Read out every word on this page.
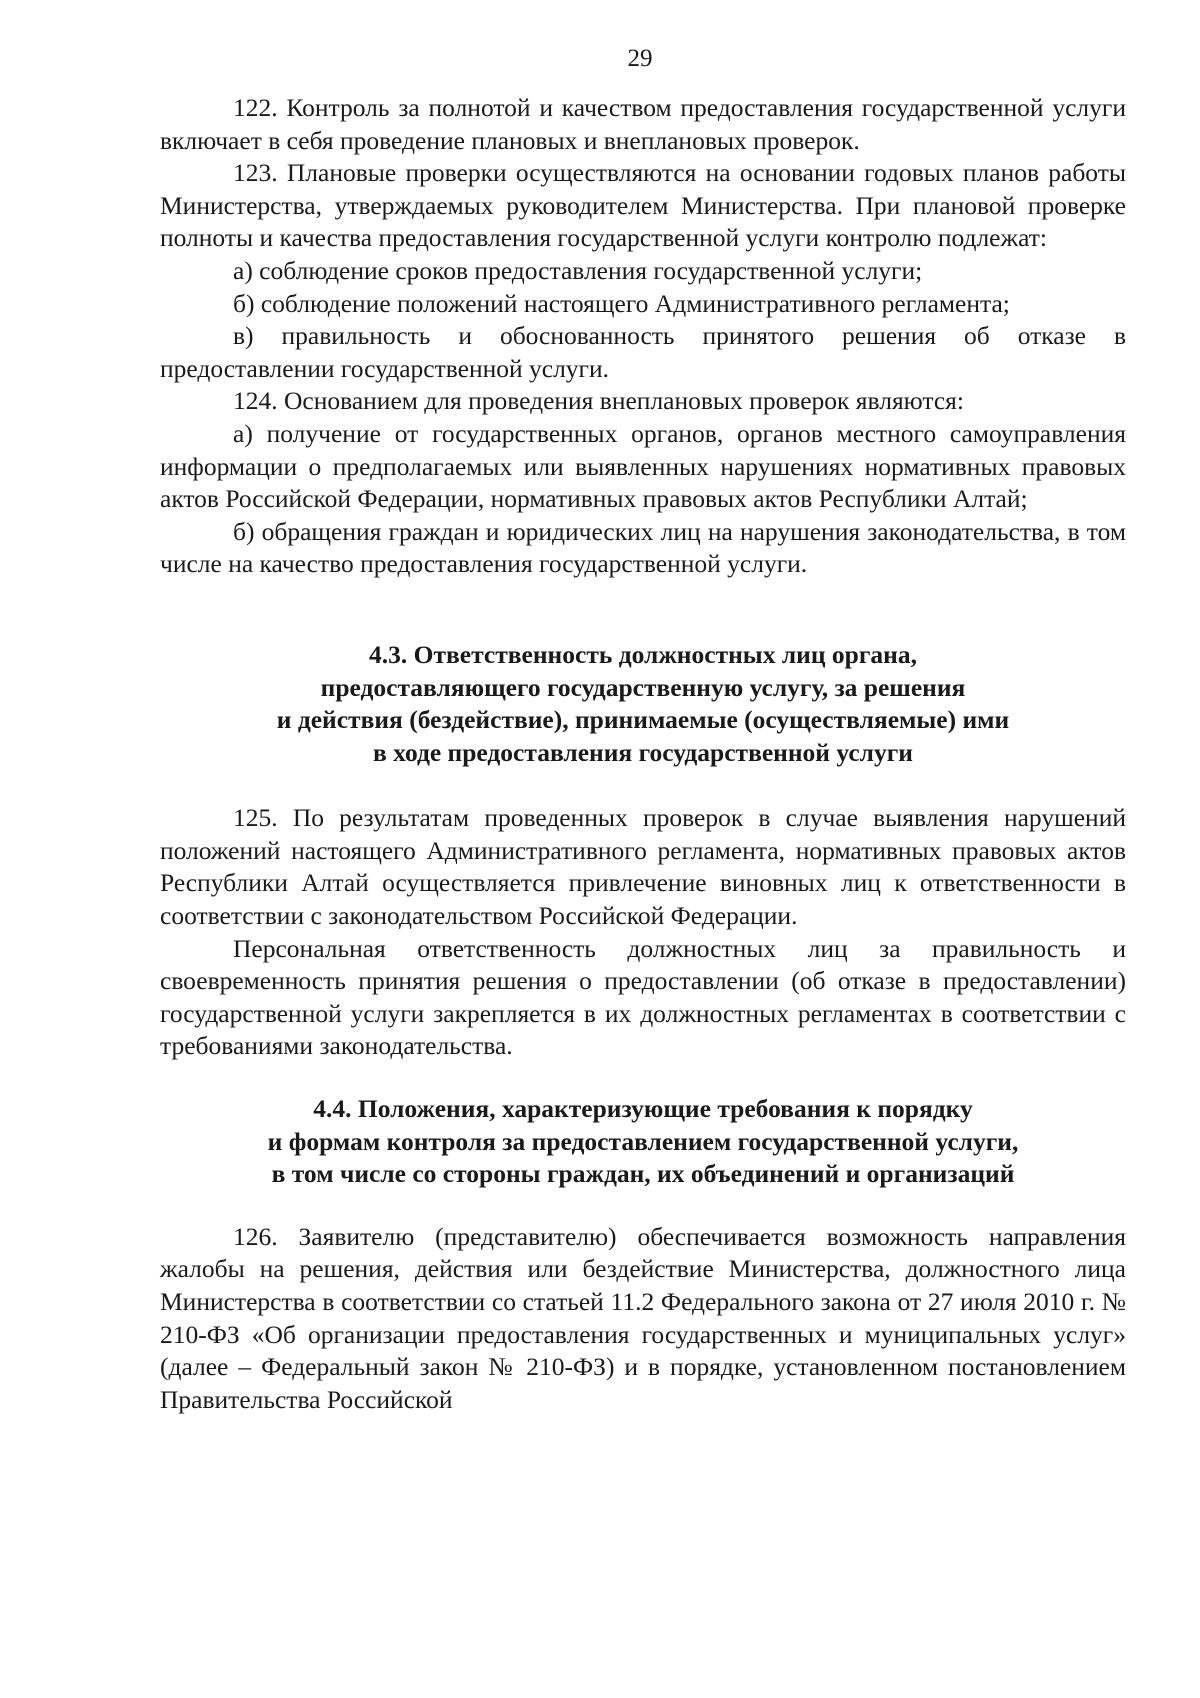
29

122. Контроль за полнотой и качеством предоставления государственной услуги включает в себя проведение плановых и внеплановых проверок.

123. Плановые проверки осуществляются на основании годовых планов работы Министерства, утверждаемых руководителем Министерства. При плановой проверке полноты и качества предоставления государственной услуги контролю подлежат:

а) соблюдение сроков предоставления государственной услуги;

б) соблюдение положений настоящего Административного регламента;

в) правильность и обоснованность принятого решения об отказе в предоставлении государственной услуги.

124. Основанием для проведения внеплановых проверок являются:

а) получение от государственных органов, органов местного самоуправления информации о предполагаемых или выявленных нарушениях нормативных правовых актов Российской Федерации, нормативных правовых актов Республики Алтай;

б) обращения граждан и юридических лиц на нарушения законодательства, в том числе на качество предоставления государственной услуги.

4.3. Ответственность должностных лиц органа,
предоставляющего государственную услугу, за решения
и действия (бездействие), принимаемые (осуществляемые) ими
в ходе предоставления государственной услуги

125. По результатам проведенных проверок в случае выявления нарушений положений настоящего Административного регламента, нормативных правовых актов Республики Алтай осуществляется привлечение виновных лиц к ответственности в соответствии с законодательством Российской Федерации.

Персональная ответственность должностных лиц за правильность и своевременность принятия решения о предоставлении (об отказе в предоставлении) государственной услуги закрепляется в их должностных регламентах в соответствии с требованиями законодательства.

4.4. Положения, характеризующие требования к порядку
и формам контроля за предоставлением государственной услуги,
в том числе со стороны граждан, их объединений и организаций

126. Заявителю (представителю) обеспечивается возможность направления жалобы на решения, действия или бездействие Министерства, должностного лица Министерства в соответствии со статьей 11.2 Федерального закона от 27 июля 2010 г. № 210-ФЗ «Об организации предоставления государственных и муниципальных услуг» (далее – Федеральный закон № 210-ФЗ) и в порядке, установленном постановлением Правительства Российской
